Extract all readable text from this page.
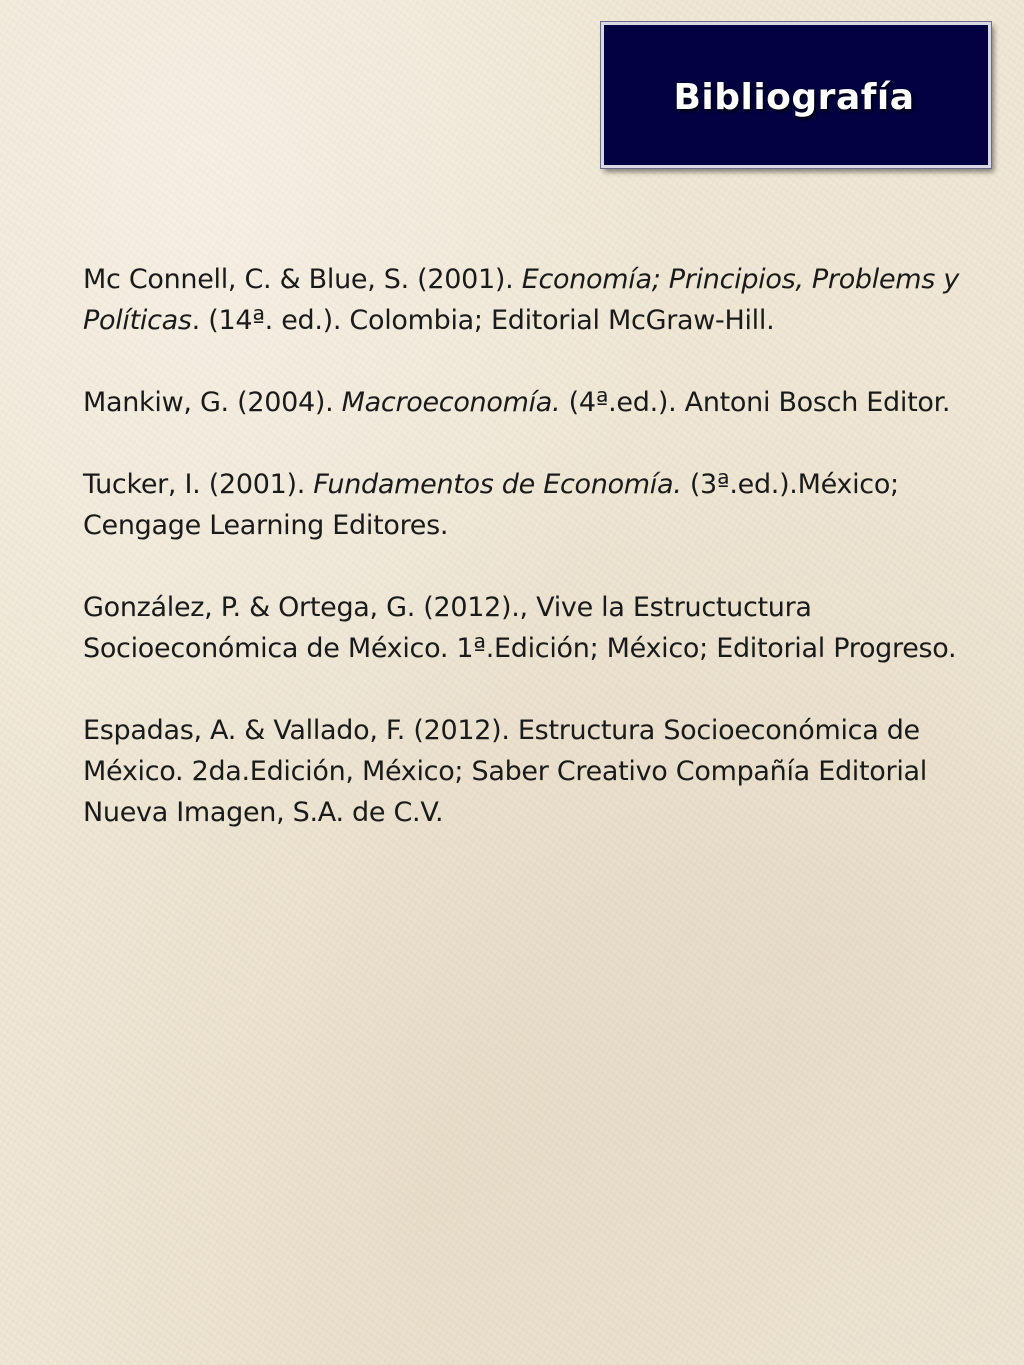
Bibliografía

Mc Connell, C. & Blue, S. (2001). Economía; Principios, Problems y Políticas. (14ª. ed.). Colombia; Editorial McGraw-Hill.

Mankiw, G. (2004). Macroeconomía. (4ª.ed.). Antoni Bosch Editor.

Tucker, I. (2001). Fundamentos de Economía. (3ª.ed.).México; Cengage Learning Editores.

González, P. & Ortega, G. (2012)., Vive la Estructuctura Socioeconómica de México. 1ª.Edición; México; Editorial Progreso.

Espadas, A. & Vallado, F. (2012). Estructura Socioeconómica de México. 2da.Edición, México; Saber Creativo Compañía Editorial Nueva Imagen, S.A. de C.V.
